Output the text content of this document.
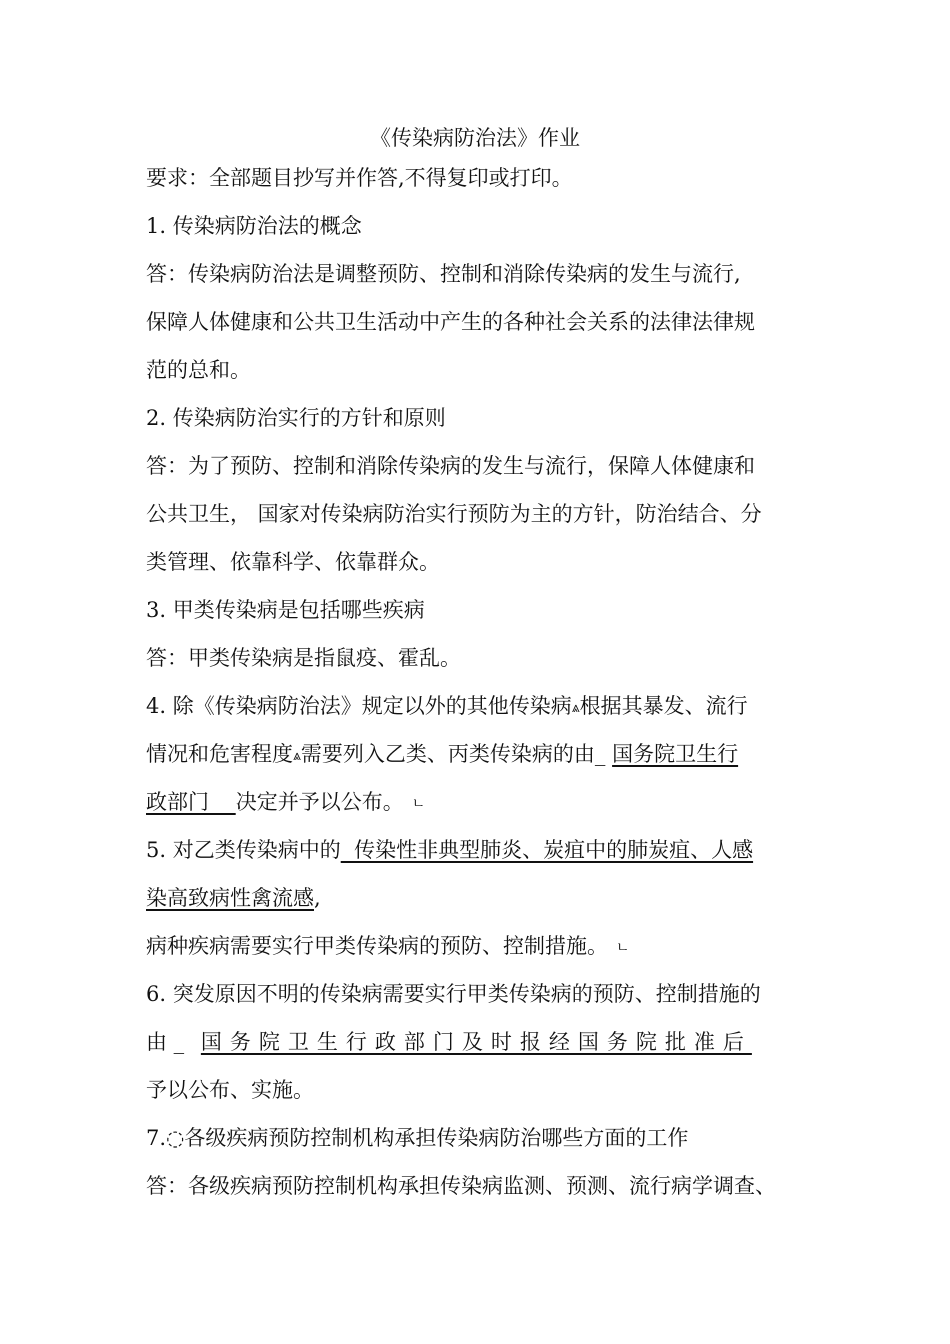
《传染病防治法》作业
要求：全部题目抄写并作答,不得复印或打印。
1. 传染病防治法的概念
答：传染病防治法是调整预防、控制和消除传染病的发生与流行,
保障人体健康和公共卫生活动中产生的各种社会关系的法律法律规
范的总和。
2. 传染病防治实行的方针和原则
答：为了预防、控制和消除传染病的发生与流行，保障人体健康和
公共卫生， 国家对传染病防治实行预防为主的方针，防治结合、分
类管理、依靠科学、依靠群众。
3. 甲类传染病是包括哪些疾病
答：甲类传染病是指鼠疫、霍乱。
4. 除《传染病防治法》规定以外的其他传染病⩓根据其暴发、流行
情况和危害程度⩓需要列入乙类、丙类传染病的由_ 国务院卫生行
政部门 决定并予以公布。 ㄴ
5. 对乙类传染病中的  传染性非典型肺炎、炭疽中的肺炭疽、人感
染高致病性禽流感,
病种疾病需要实行甲类传染病的预防、控制措施。 ㄴ
6. 突发原因不明的传染病需要实行甲类传染病的预防、控制措施的
由 _ 国务院卫生行政部门及时报经国务院批准后
予以公布、实施。
7.◌各级疾病预防控制机构承担传染病防治哪些方面的工作
答：各级疾病预防控制机构承担传染病监测、预测、流行病学调查、
